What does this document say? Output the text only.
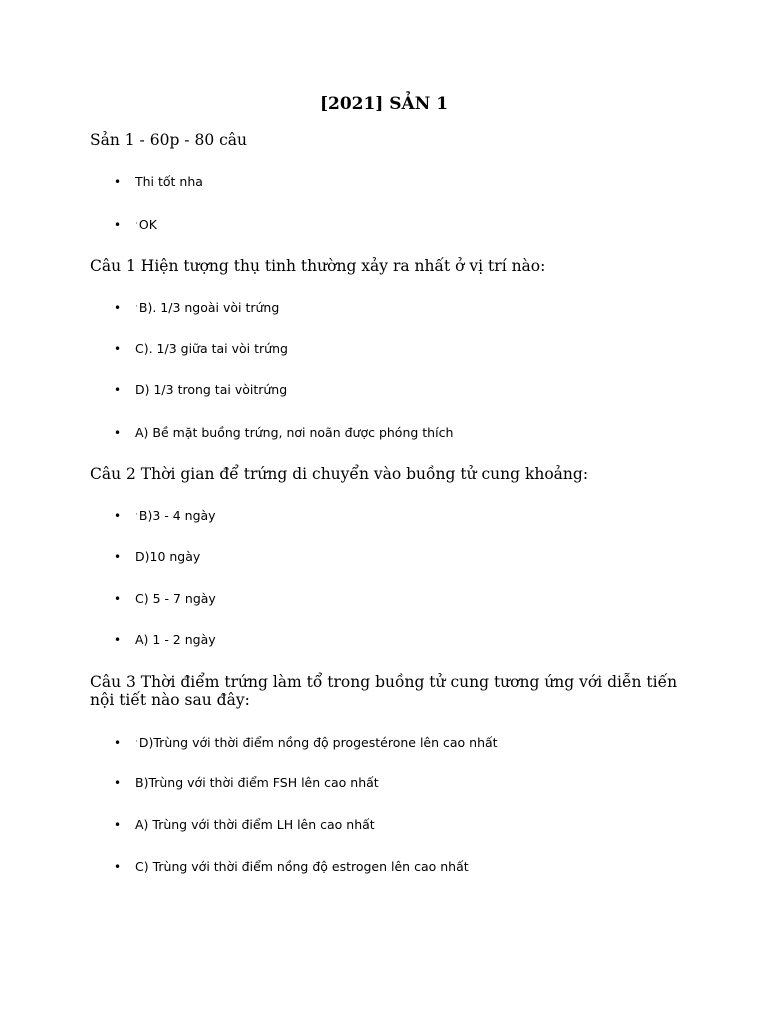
[2021] SẢN 1
Sản 1 - 60p - 80 câu
• Thi tốt nha
• ·OK
Câu 1 Hiện tượng thụ tinh thường xảy ra nhất ở vị trí nào:
• ·B). 1/3 ngoài vòi trứng
• C). 1/3 giữa tai vòi trứng
• D) 1/3 trong tai vòitrứng
• A) Bề mặt buồng trứng, nơi noãn được phóng thích
Câu 2 Thời gian để trứng di chuyển vào buồng tử cung khoảng:
• ·B)3 - 4 ngày
• D)10 ngày
• C) 5 - 7 ngày
• A) 1 - 2 ngày
Câu 3 Thời điểm trứng làm tổ trong buồng tử cung tương ứng với diễn tiến nội tiết nào sau đây:
• ·D)Trùng với thời điểm nồng độ progestérone lên cao nhất
• B)Trùng với thời điểm FSH lên cao nhất
• A) Trùng với thời điểm LH lên cao nhất
• C) Trùng với thời điểm nồng độ estrogen lên cao nhất
